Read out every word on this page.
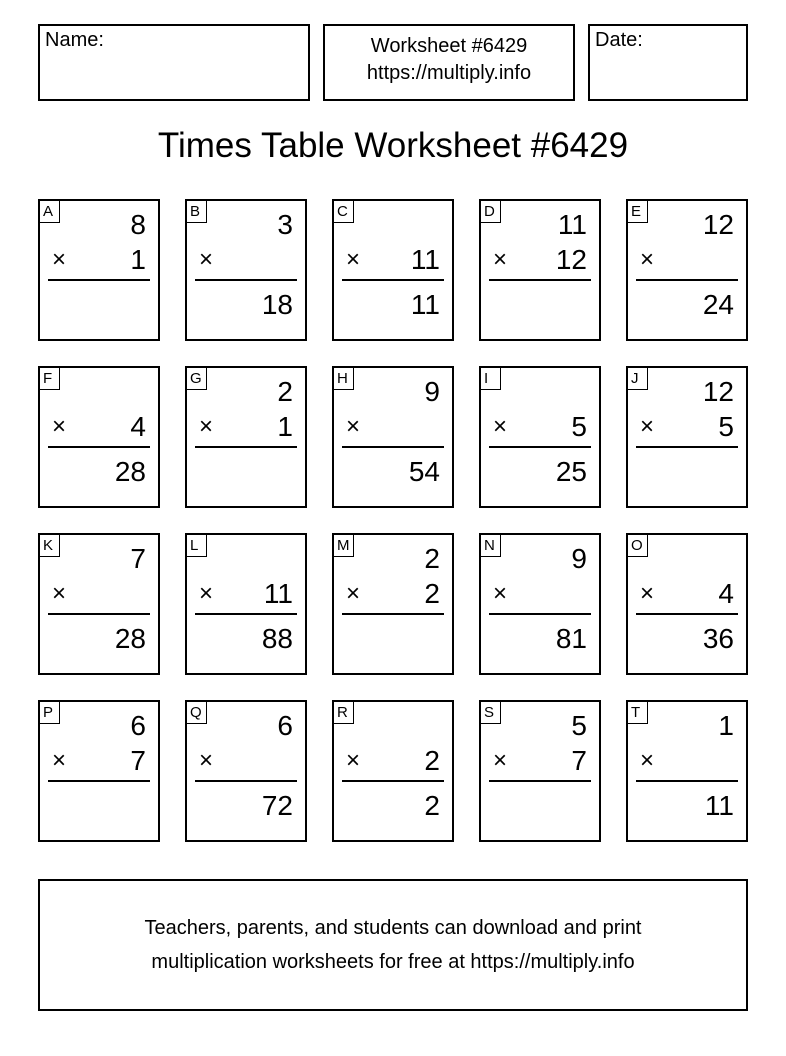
Name:	Worksheet #6429
https://multiply.info
Date:
Times Table Worksheet #6429
A	8
× 1
B	3
×
18
C
× 11
11
D 11
× 12
E 12
×
24
F
× 4
28
G	2
× 1
H	9
×
54
I
× 5
25
J	12
× 5
K	7
×
28
L
× 11
88
M	2
× 2
N	9
×
81
O
× 4
36
P	6
× 7
Q	6
×
72
R
× 2
2
S	5
× 7
T	1
×
11
Teachers, parents, and students can download and print
multiplication worksheets for free at https://multiply.info
